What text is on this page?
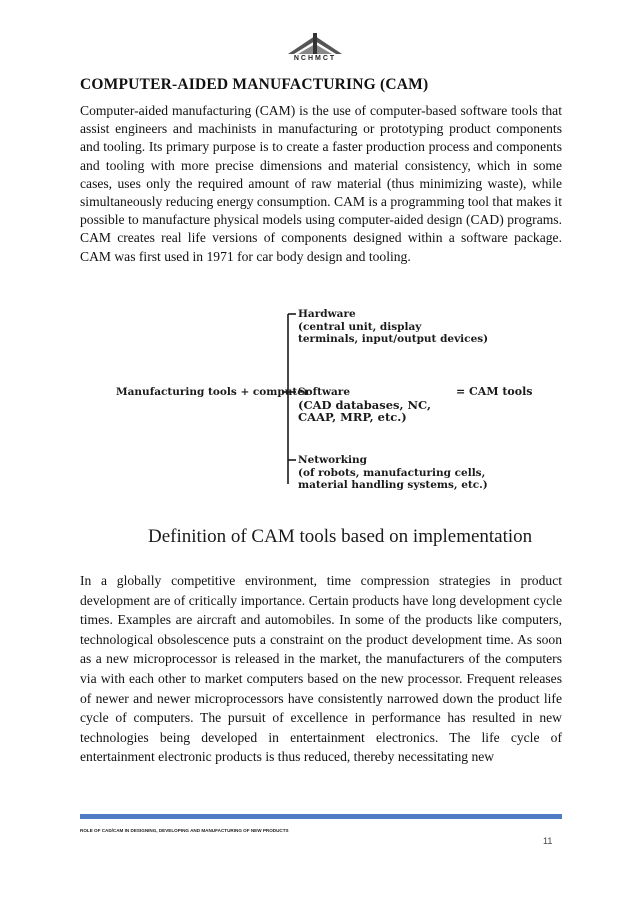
NCHMCT
COMPUTER-AIDED MANUFACTURING (CAM)

Computer-aided manufacturing (CAM) is the use of computer-based software tools that assist engineers and machinists in manufacturing or prototyping product components and tooling. Its primary purpose is to create a faster production process and components and tooling with more precise dimensions and material consistency, which in some cases, uses only the required amount of raw material (thus minimizing waste), while simultaneously reducing energy consumption. CAM is a programming tool that makes it possible to manufacture physical models using computer-aided design (CAD) programs. CAM creates real life versions of components designed within a software package. CAM was first used in 1971 for car body design and tooling.

Manufacturing tools + computer
Hardware
(central unit, display
terminals, input/output devices)
Software
(CAD databases, NC,
CAAP, MRP, etc.)
Networking
(of robots, manufacturing cells,
material handling systems, etc.)
= CAM tools
Definition of CAM tools based on implementation

In a globally competitive environment, time compression strategies in product development are of critically importance. Certain products have long development cycle times. Examples are aircraft and automobiles. In some of the products like computers, technological obsolescence puts a constraint on the product development time. As soon as a new microprocessor is released in the market, the manufacturers of the computers via with each other to market computers based on the new processor. Frequent releases of newer and newer microprocessors have consistently narrowed down the product life cycle of computers. The pursuit of excellence in performance has resulted in new technologies being developed in entertainment electronics. The life cycle of entertainment electronic products is thus reduced, thereby necessitating new

ROLE OF CAD/CAM IN DESIGNING, DEVELOPING AND MANUFACTURING OF NEW PRODUCTS
11
